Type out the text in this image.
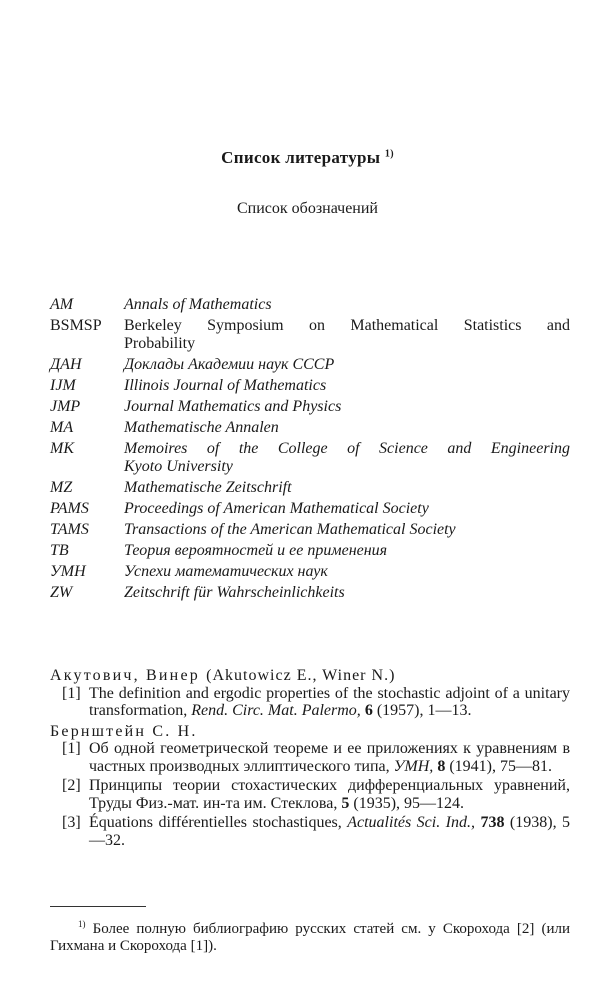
Список литературы $^{1)}$
Список обозначений
AM	Annals of Mathematics
BSMSP	Berkeley Symposium on Mathematical Statistics and
Probability
ДАН	Доклады Академии наук СССР
IJM	Illinois Journal of Mathematics
JMP	Journal Mathematics and Physics
MA	Mathematische Annalen
MK	Memoires of the College of Science and Engineering
Kyoto University
MZ	Mathematische Zeitschrift
PAMS	Proceedings of American Mathematical Society
TAMS	Transactions of the American Mathematical Society
TB	Теория вероятностей и ее применения
УМН	Успехи математических наук
ZW	Zeitschrift für Wahrscheinlichkeits
Акутович, Винер (Akutowicz E., Winer N.)
[1] The definition and ergodic properties of the stochastic adjoint of a unitary transformation, Rend. Circ. Mat. Palermo, 6 (1957), 1—13.
Бернштейн С. Н.
[1] Об одной геометрической теореме и ее приложениях к уравнениям в частных производных эллиптического типа, УМН, 8 (1941), 75—81.
[2] Принципы теории стохастических дифференциальных уравнений, Труды Физ.-мат. ин-та им. Стеклова, 5 (1935), 95—124.
[3] Équations différentielles stochastiques, Actualités Sci. Ind., 738 (1938), 5—32.
$^{1)}$ Более полную библиографию русских статей см. у Скорохода [2] (или Гихмана и Скорохода [1]).
